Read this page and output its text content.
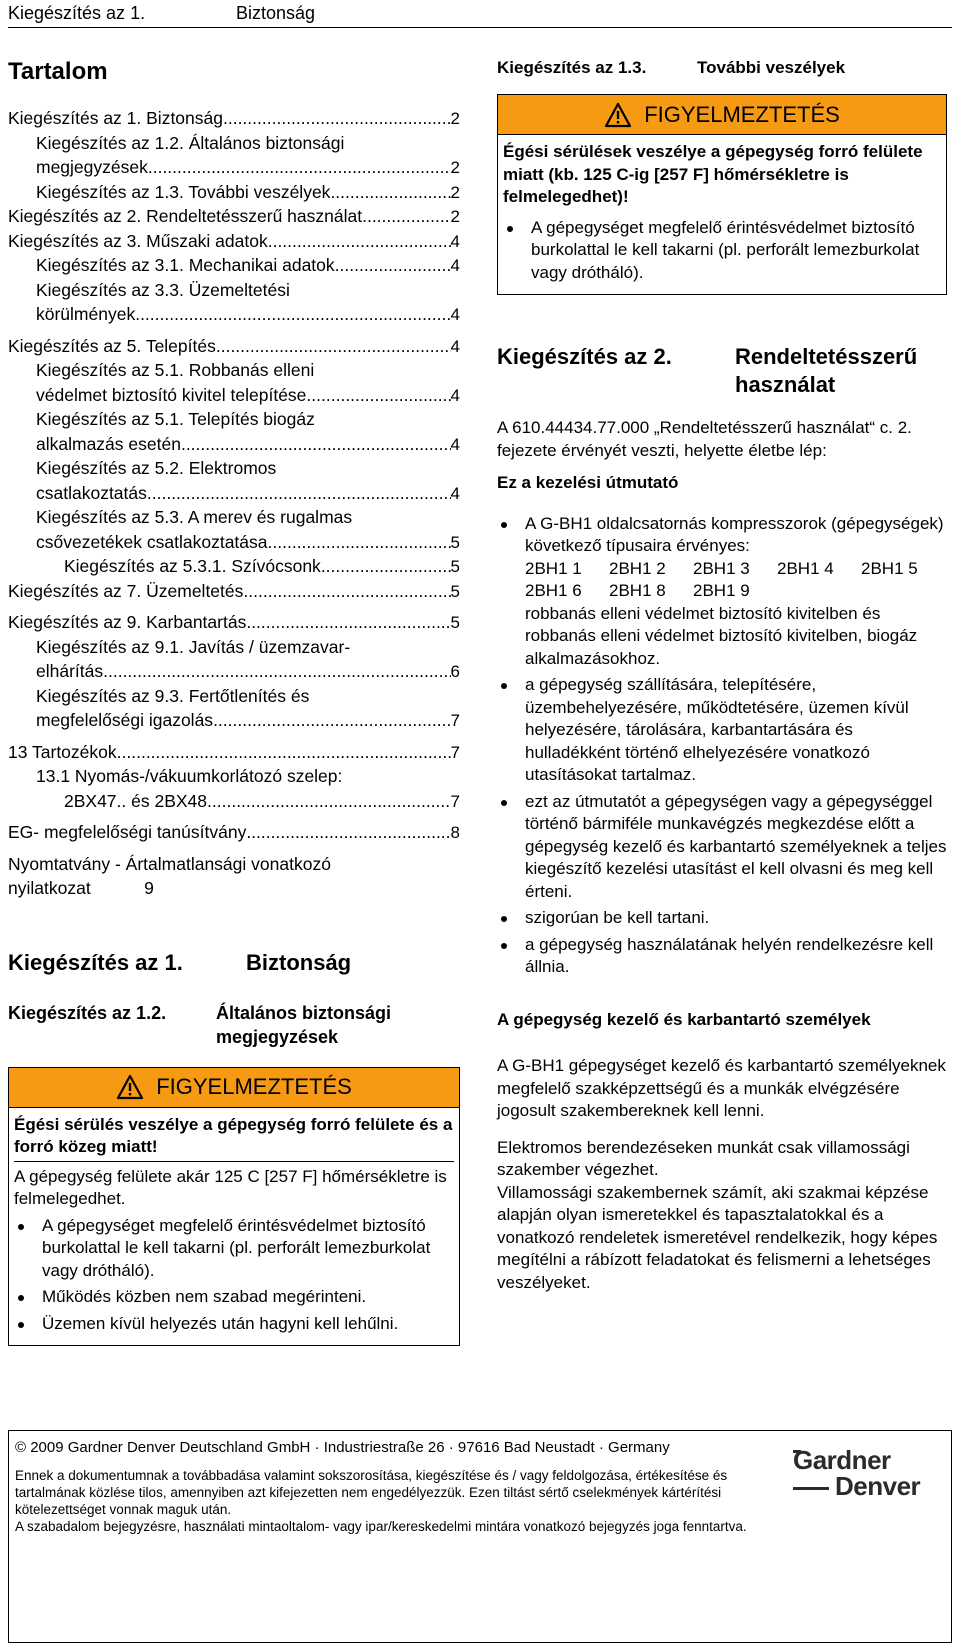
Kiegészítés az 1.	Biztonság
Tartalom
Kiegészítés az 1. Biztonság .....	2
Kiegészítés az 1.2. Általános biztonsági
megjegyzések......... .....	2
Kiegészítés az 1.3. További veszélyek .....	2
Kiegészítés az 2. Rendeltetésszerű használat .....	2
Kiegészítés az 3. Műszaki adatok .....	4
Kiegészítés az 3.1. Mechanikai adatok .....	4
Kiegészítés az 3.3. Üzemeltetési
körülmények......... .....	4
Kiegészítés az 5. Telepítés .....	4
Kiegészítés az 5.1. Robbanás elleni
védelmet biztosító kivitel telepítése .....	4
Kiegészítés az 5.1. Telepítés biogáz
alkalmazás esetén .....	4
Kiegészítés az 5.2. Elektromos
csatlakoztatás......... .....	4
Kiegészítés az 5.3. A merev és rugalmas
csővezetékek csatlakoztatása .....	5
Kiegészítés az 5.3.1. Szívócsonk .....	5
Kiegészítés az 7. Üzemeltetés .....	5
Kiegészítés az 9. Karbantartás .....	5
Kiegészítés az 9.1. Javítás / üzemzavar-
elhárítás .....	6
Kiegészítés az 9.3. Fertőtlenítés és
megfelelőségi igazolás .....	7
13 Tartozékok .....	7
13.1 Nyomás-/vákuumkorlátozó szelep:
2BX47.. és 2BX48.. .....	7
EG- megfelelőségi tanúsítvány .....	8
Nyomtatvány - Ártalmatlansági vonatkozó
nyilatkozat           9
Kiegészítés az 1.	Biztonság
Kiegészítés az 1.2.	Általános biztonsági
megjegyzések
FIGYELMEZTETÉS
Égési sérülés veszélye a gépegység forró felülete és a forró közeg miatt!
A gépegység felülete akár 125 C [257 F] hőmérsékletre is felmelegedhet.
A gépegységet megfelelő érintésvédelmet biztosító burkolattal le kell takarni (pl. perforált lemezburkolat vagy drótháló).
Működés közben nem szabad megérinteni.
Üzemen kívül helyezés után hagyni kell lehűlni.
Kiegészítés az 1.3.	További veszélyek
FIGYELMEZTETÉS
Égési sérülések veszélye a gépegység forró felülete miatt (kb. 125 C-ig [257 F] hőmérsékletre is felmelegedhet)!
A gépegységet megfelelő érintésvédelmet biztosító burkolattal le kell takarni (pl. perforált lemezburkolat vagy drótháló).
Kiegészítés az 2.	Rendeltetésszerű
használat
A 610.44434.77.000 „Rendeltetésszerű használat“ c. 2. fejezete érvényét veszti, helyette életbe lép:
Ez a kezelési útmutató
A G-BH1 oldalcsatornás kompresszorok (gépegységek) következő típusaira érvényes:
2BH1 1	2BH1 2	2BH1 3	2BH1 4	2BH1 5
2BH1 6	2BH1 8	2BH1 9
robbanás elleni védelmet biztosító kivitelben és robbanás elleni védelmet biztosító kivitelben, biogáz alkalmazásokhoz.
a gépegység szállítására, telepítésére, üzembehelyezésére, működtetésére, üzemen kívül helyezésére, tárolására, karbantartására és hulladékként történő elhelyezésére vonatkozó utasításokat tartalmaz.
ezt az útmutatót a gépegységen vagy a gépegységgel történő bármiféle munkavégzés megkezdése előtt a gépegység kezelő és karbantartó személyeknek a teljes kiegészítő kezelési utasítást el kell olvasni és meg kell érteni.
szigorúan be kell tartani.
a gépegység használatának helyén rendelkezésre kell állnia.
A gépegység kezelő és karbantartó személyek
A G-BH1 gépegységet kezelő és karbantartó személyeknek megfelelő szakképzettségű és a munkák elvégzésére jogosult szakembereknek kell lenni.
Elektromos berendezéseken munkát csak villamossági szakember végezhet.
Villamossági szakembernek számít, aki szakmai képzése alapján olyan ismeretekkel és tapasztalatokkal és a vonatkozó rendeletek ismeretével rendelkezik, hogy képes megítélni a rábízott feladatokat és felismerni a lehetséges veszélyeket.
© 2009 Gardner Denver Deutschland GmbH · Industriestraße 26 · 97616 Bad Neustadt · Germany
Ennek a dokumentumnak a továbbadása valamint sokszorosítása, kiegészítése és / vagy feldolgozása, értékesítése és tartalmának közlése tilos, amennyiben azt kifejezetten nem engedélyezzük. Ezen tiltást sértő cselekmények kártérítési kötelezettséget vonnak maguk után.
A szabadalom bejegyzésre, használati mintaoltalom- vagy ipar/kereskedelmi mintára vonatkozó bejegyzés joga fenntartva.
Gardner
Denver
